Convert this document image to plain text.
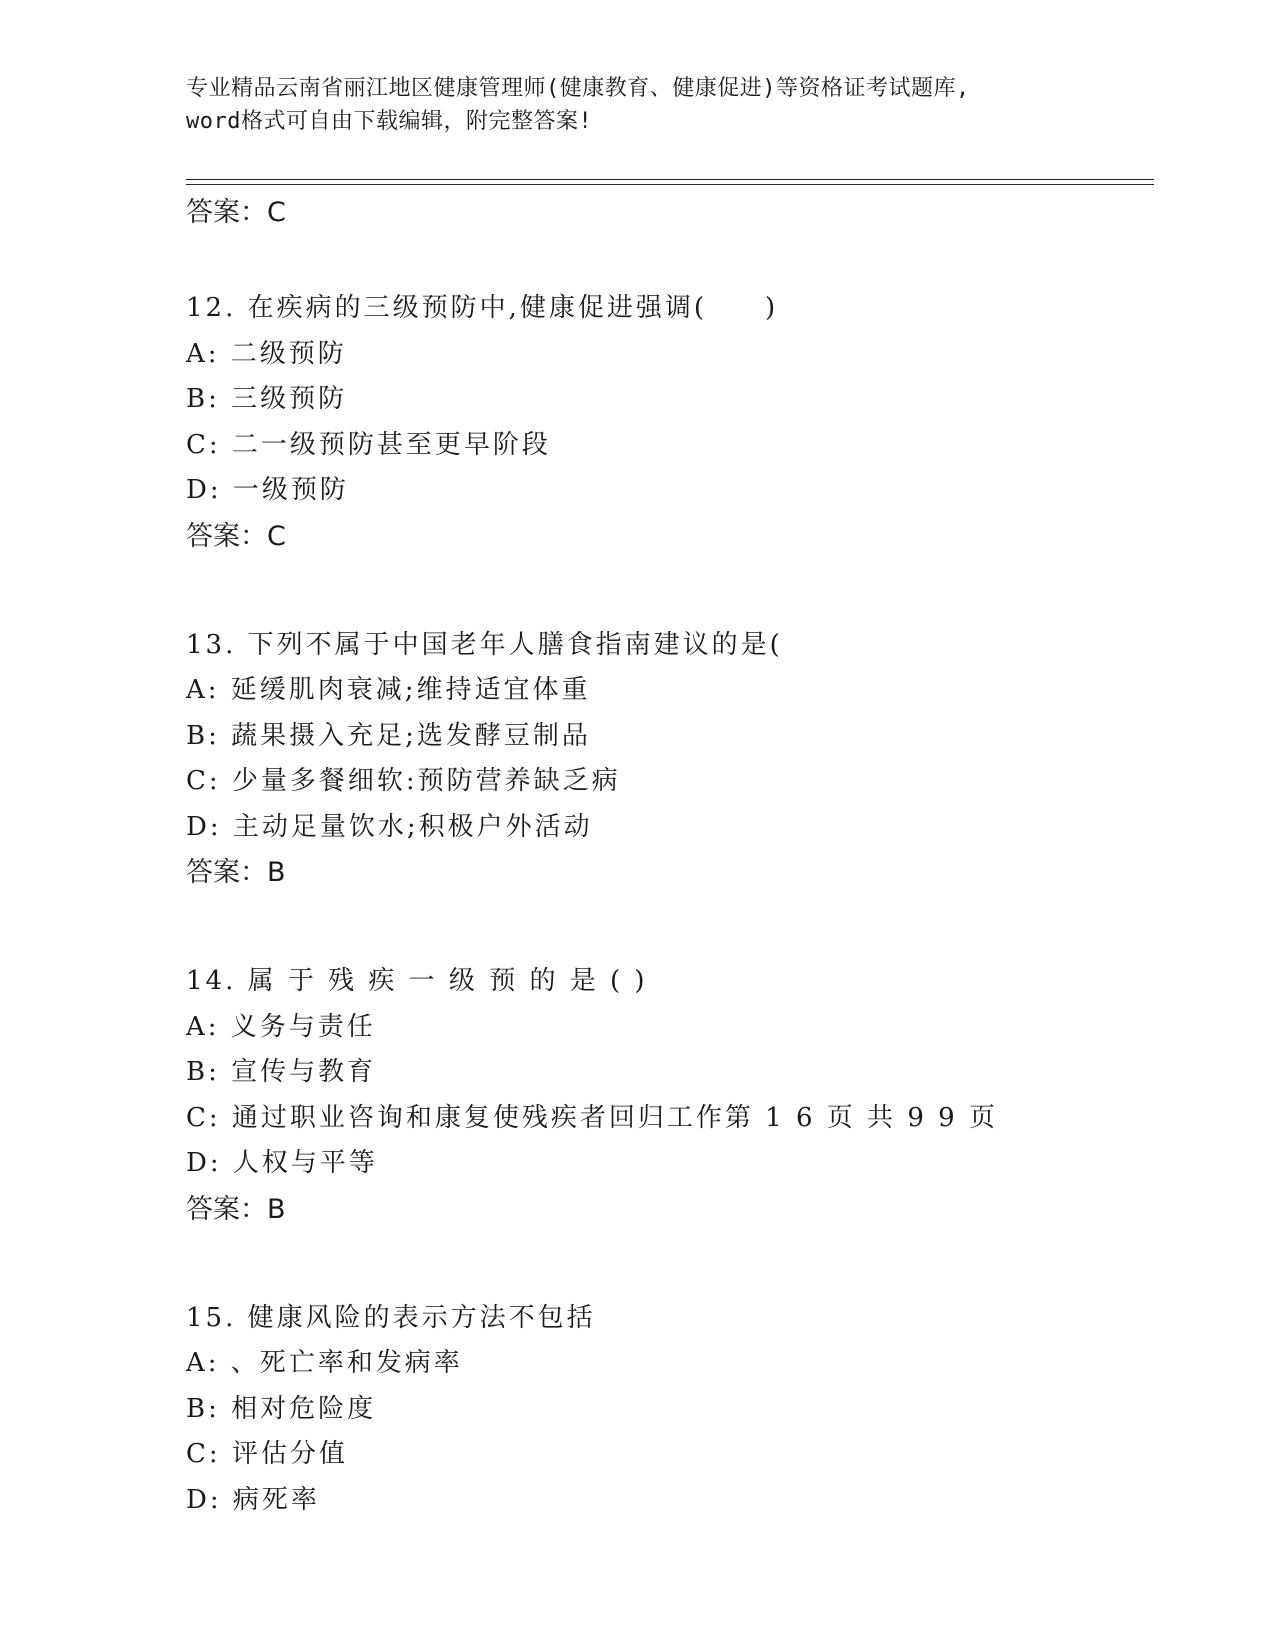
专业精品云南省丽江地区健康管理师(健康教育、健康促进)等资格证考试题库,
word格式可自由下载编辑，附完整答案!
答案：C
12. 在疾病的三级预防中,健康促进强调(　　)
A: 二级预防
B: 三级预防
C: 二一级预防甚至更早阶段
D: 一级预防
答案：C
13. 下列不属于中国老年人膳食指南建议的是(
A: 延缓肌肉衰减;维持适宜体重
B: 蔬果摄入充足;选发酵豆制品
C: 少量多餐细软:预防营养缺乏病
D: 主动足量饮水;积极户外活动
答案：B
14. 属 于 残 疾 一 级 预 的 是 ( )
A: 义务与责任
B: 宣传与教育
C: 通过职业咨询和康复使残疾者回归工作第 1 6 页 共 9 9 页
D: 人权与平等
答案：B
15. 健康风险的表示方法不包括
A: 、死亡率和发病率
B: 相对危险度
C: 评估分值
D: 病死率
